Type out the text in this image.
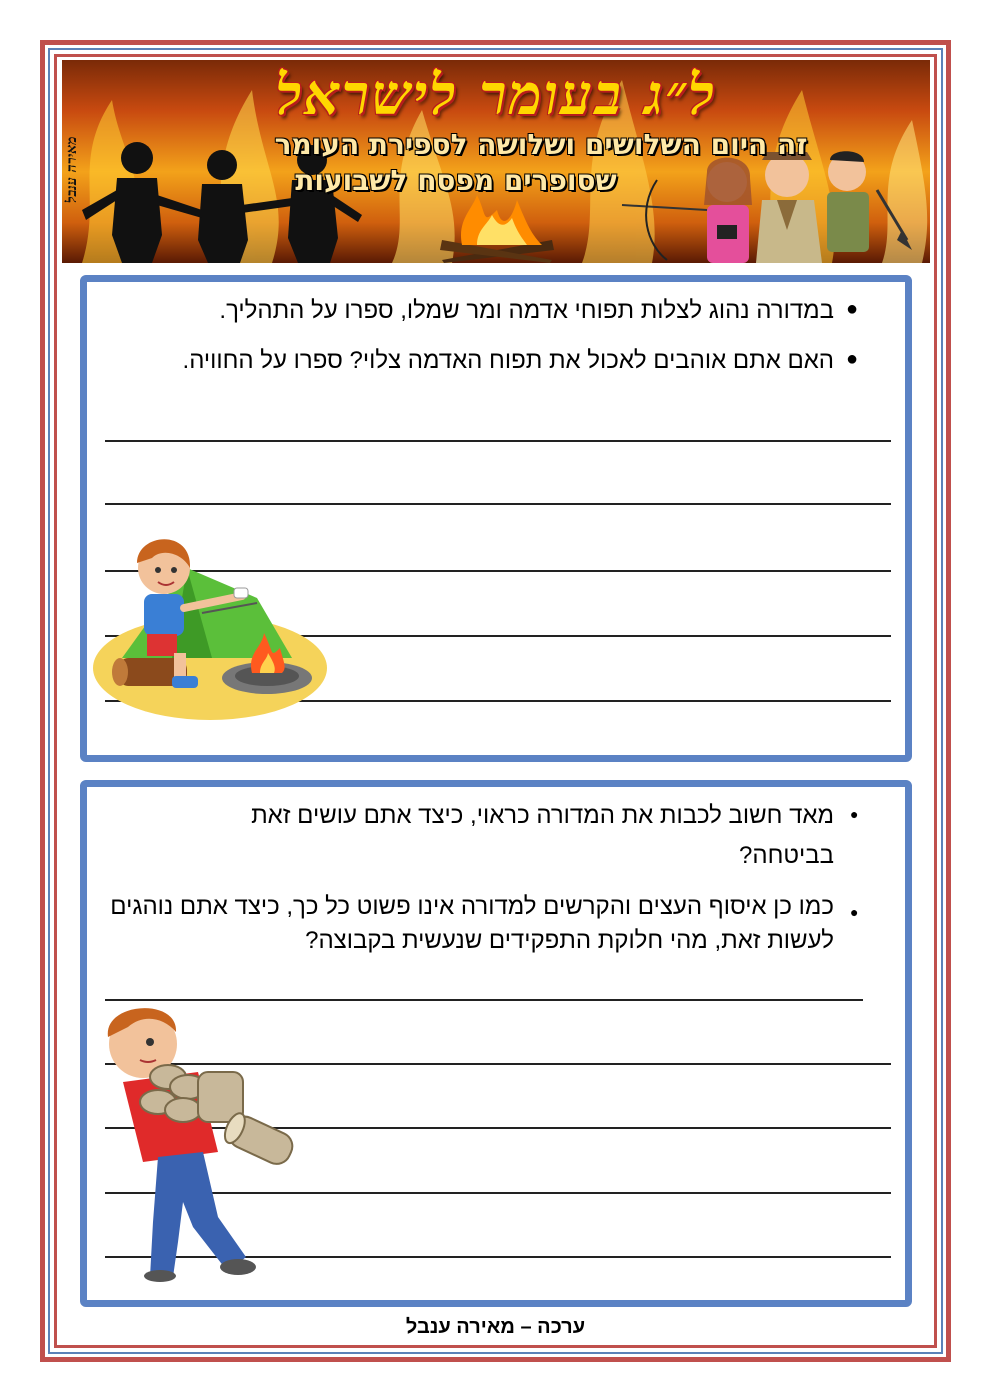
ל״ג בעומר לישראל
זה היום השלושים ושלושה לספירת העומר
שסופרים מפסח לשבועות
מאירה ענבל
●
במדורה נהוג לצלות תפוחי אדמה ומר שמלו, ספרו על התהליך.
●
האם אתם אוהבים לאכול את תפוח האדמה צלוי? ספרו על החוויה.
●
מאד חשוב לכבות את המדורה כראוי, כיצד אתם עושים זאת בביטחה?
●
כמו כן איסוף העצים והקרשים למדורה אינו פשוט כל כך, כיצד אתם נוהגים לעשות זאת, מהי חלוקת התפקידים שנעשית בקבוצה?
ערכה – מאירה ענבל
